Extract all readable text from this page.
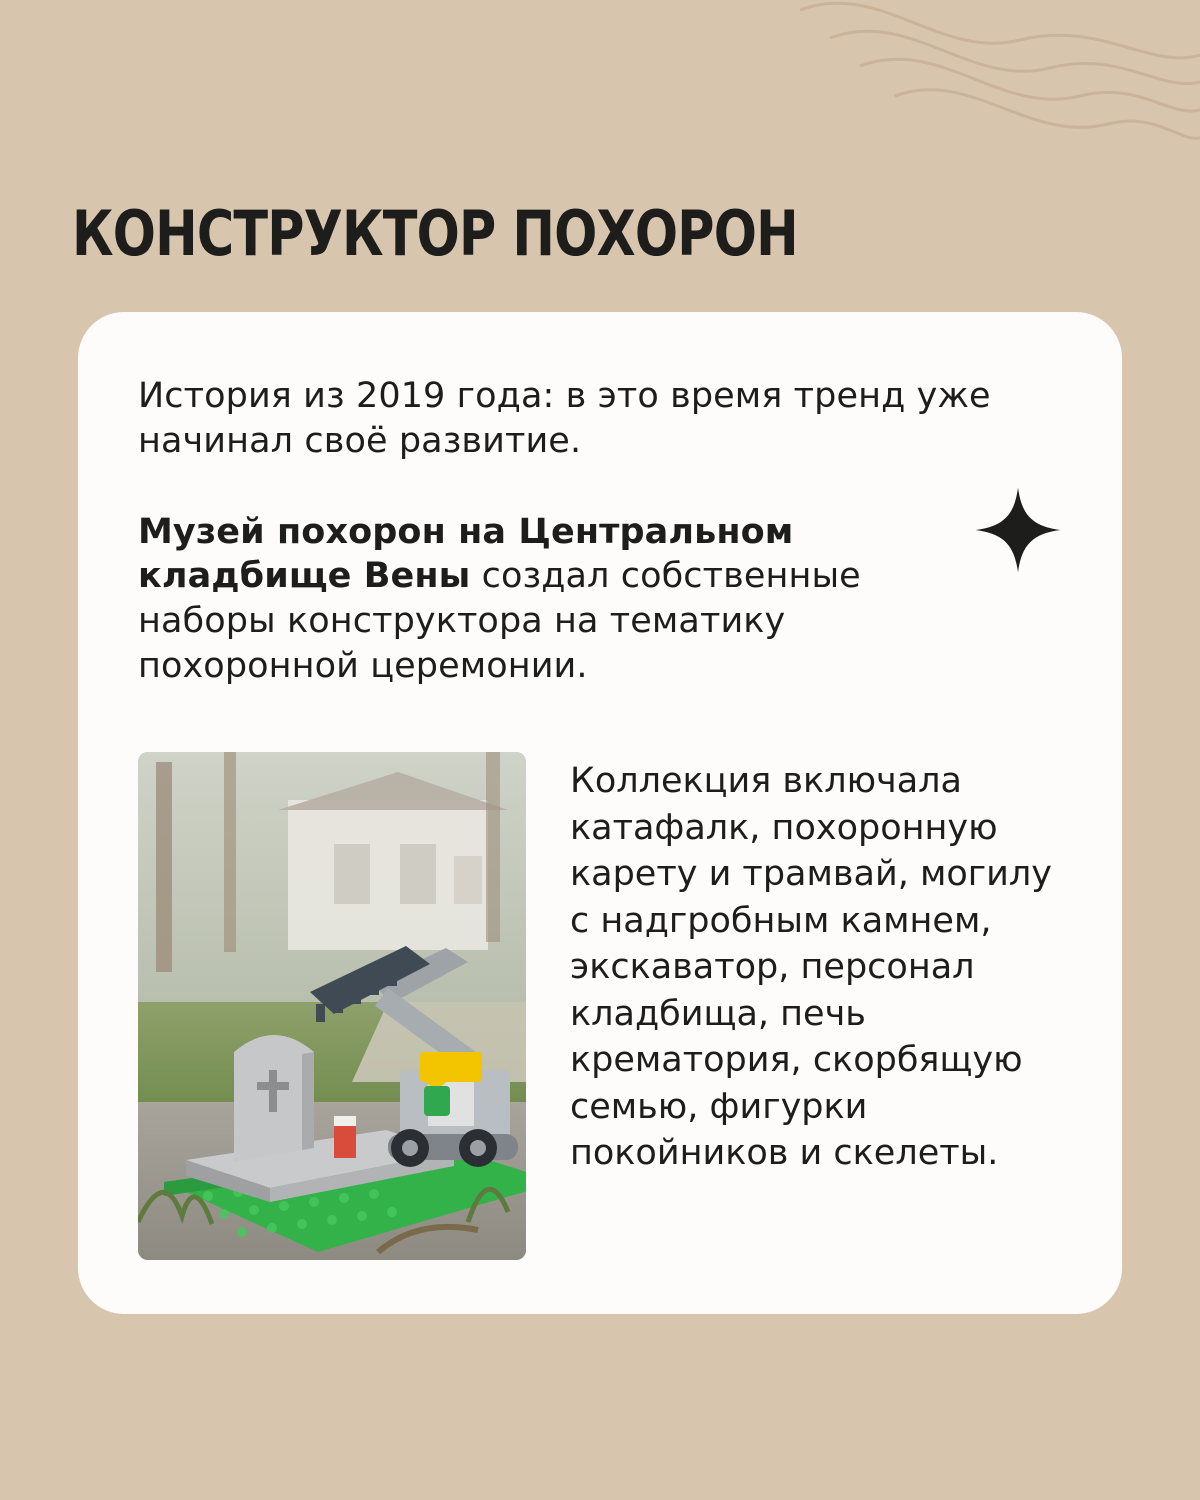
КОНСТРУКТОР ПОХОРОН

История из 2019 года: в это время тренд уже начинал своё развитие.

Музей похорон на Центральном кладбище Вены создал собственные наборы конструктора на тематику похоронной церемонии.

Коллекция включала катафалк, похоронную карету и трамвай, могилу с надгробным камнем, экскаватор, персонал кладбища, печь крематория, скорбящую семью, фигурки покойников и скелеты.
